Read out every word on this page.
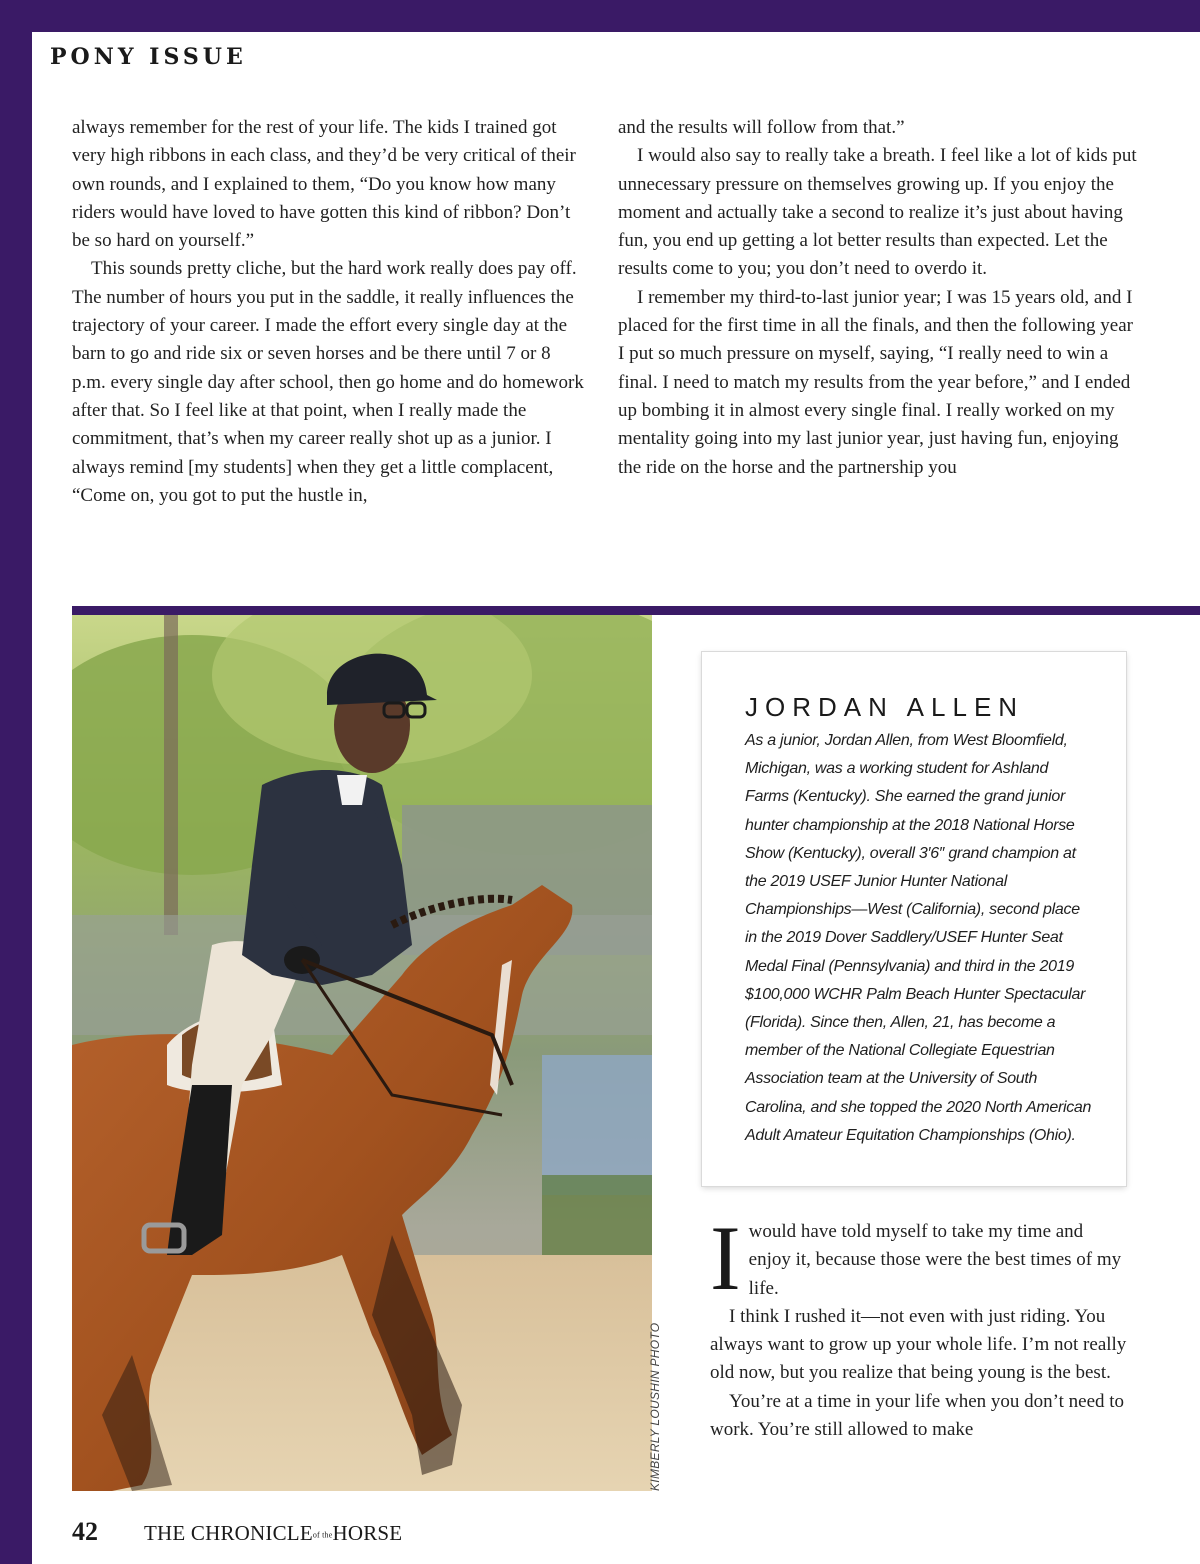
PONY ISSUE

always remember for the rest of your life. The kids I trained got very high ribbons in each class, and they’d be very critical of their own rounds, and I explained to them, “Do you know how many riders would have loved to have gotten this kind of ribbon? Don’t be so hard on yourself.”

This sounds pretty cliche, but the hard work really does pay off. The number of hours you put in the saddle, it really influences the trajectory of your career. I made the effort every single day at the barn to go and ride six or seven horses and be there until 7 or 8 p.m. every single day after school, then go home and do homework after that. So I feel like at that point, when I really made the commitment, that’s when my career really shot up as a junior. I always remind [my students] when they get a little complacent, “Come on, you got to put the hustle in,

and the results will follow from that.”

I would also say to really take a breath. I feel like a lot of kids put unnecessary pressure on themselves growing up. If you enjoy the moment and actually take a second to realize it’s just about having fun, you end up getting a lot better results than expected. Let the results come to you; you don’t need to overdo it.

I remember my third-to-last junior year; I was 15 years old, and I placed for the first time in all the finals, and then the following year I put so much pressure on myself, saying, “I really need to win a final. I need to match my results from the year before,” and I ended up bombing it in almost every single final. I really worked on my mentality going into my last junior year, just having fun, enjoying the ride on the horse and the partnership you

KIMBERLY LOUSHIN PHOTO
JORDAN ALLEN
As a junior, Jordan Allen, from West Bloomfield, Michigan, was a working student for Ashland Farms (Kentucky). She earned the grand junior hunter championship at the 2018 National Horse Show (Kentucky), overall 3′6″ grand champion at the 2019 USEF Junior Hunter National Championships—West (California), second place in the 2019 Dover Saddlery/USEF Hunter Seat Medal Final (Pennsylvania) and third in the 2019 $100,000 WCHR Palm Beach Hunter Spectacular (Florida). Since then, Allen, 21, has become a member of the National Collegiate Equestrian Association team at the University of South Carolina, and she topped the 2020 North American Adult Amateur Equitation Championships (Ohio).

Iwould have told myself to take my time and enjoy it, because those were the best times of my life.

I think I rushed it—not even with just riding. You always want to grow up your whole life. I’m not really old now, but you realize that being young is the best.

You’re at a time in your life when you don’t need to work. You’re still allowed to make

42 THE CHRONICLEof theHORSE
